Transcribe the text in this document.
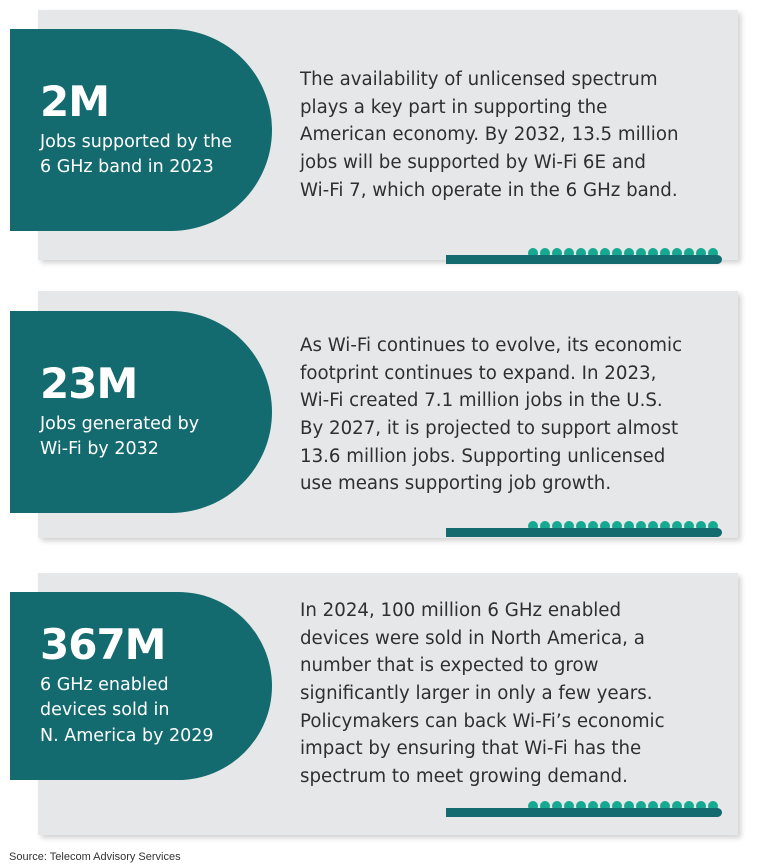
2M
Jobs supported by the
6 GHz band in 2023
The availability of unlicensed spectrum
plays a key part in supporting the
American economy. By 2032, 13.5 million
jobs will be supported by Wi-Fi 6E and
Wi-Fi 7, which operate in the 6 GHz band.
23M
Jobs generated by
Wi-Fi by 2032
As Wi-Fi continues to evolve, its economic
footprint continues to expand. In 2023,
Wi-Fi created 7.1 million jobs in the U.S.
By 2027, it is projected to support almost
13.6 million jobs. Supporting unlicensed
use means supporting job growth.
367M
6 GHz enabled
devices sold in
N. America by 2029
In 2024, 100 million 6 GHz enabled
devices were sold in North America, a
number that is expected to grow
significantly larger in only a few years.
Policymakers can back Wi-Fi’s economic
impact by ensuring that Wi-Fi has the
spectrum to meet growing demand.
Source: Telecom Advisory Services
